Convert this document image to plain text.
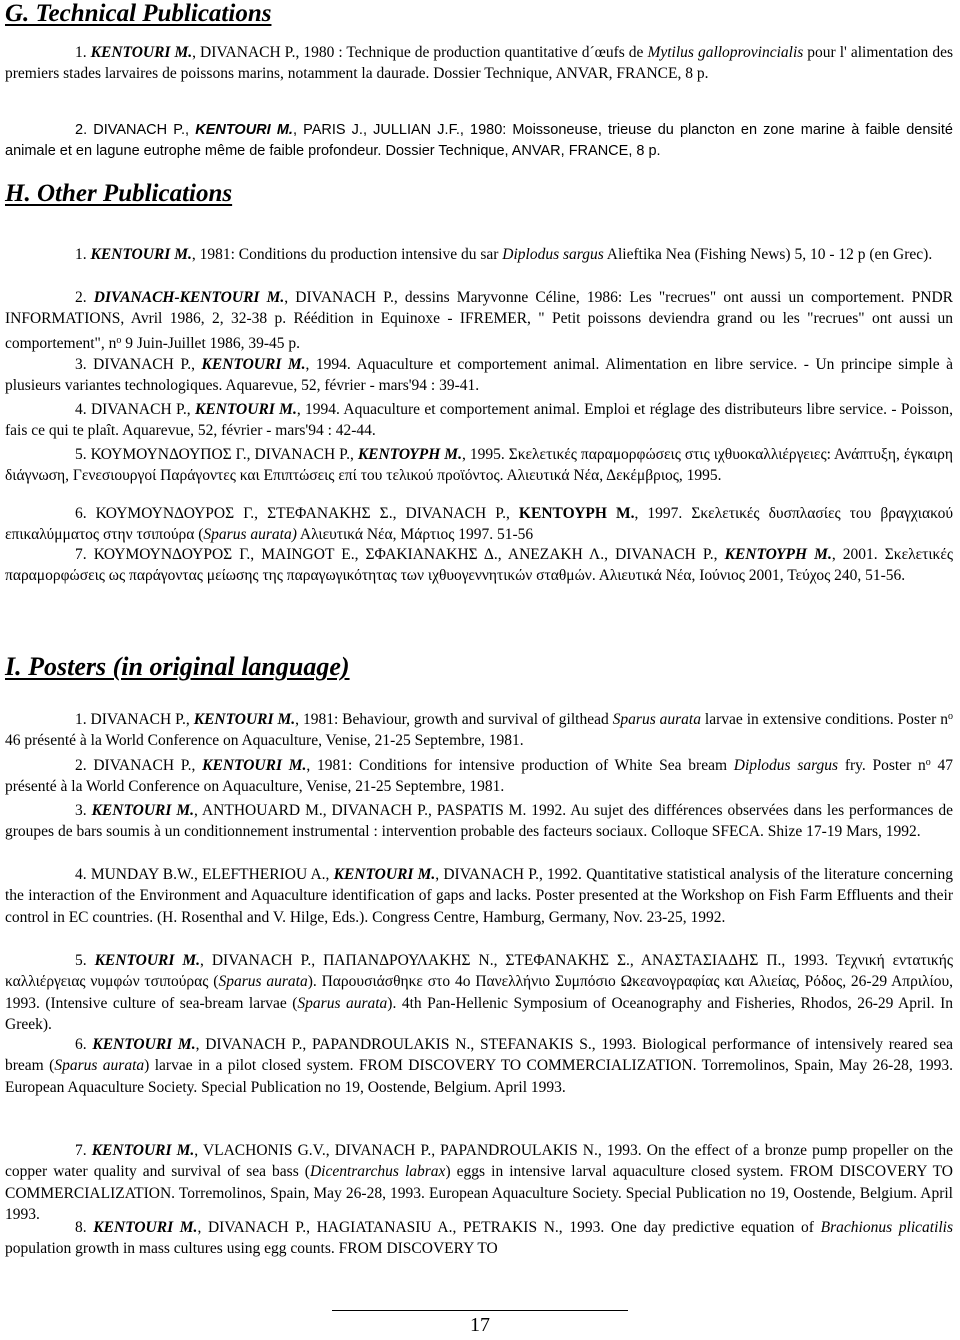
G. Technical Publications
H. Other Publications
I. Posters (in original language)

1. KENTOURI M., DIVANACH P., 1980 : Technique de production quantitative d´œufs de Mytilus galloprovincialis pour l' alimentation des premiers stades larvaires de poissons marins, notamment la daurade. Dossier Technique, ANVAR, FRANCE, 8 p.

2. DIVANACH P., KENTOURI M., PARIS J., JULLIAN J.F., 1980: Moissoneuse, trieuse du plancton en zone marine à faible densité animale et en lagune eutrophe même de faible profondeur. Dossier Technique, ANVAR, FRANCE, 8 p.

1. KENTOURI M., 1981: Conditions du production intensive du sar Diplodus sargus Alieftika Nea (Fishing News) 5, 10 - 12 p (en Grec).

2. DIVANACH-KENTOURI M., DIVANACH P., dessins Maryvonne Céline, 1986: Les "recrues" ont aussi un comportement. PNDR INFORMATIONS, Avril 1986, 2, 32-38 p. Réédition in Equinoxe - IFREMER, " Petit poissons deviendra grand ou les "recrues" ont aussi un comportement", $n^o$ 9 Juin-Juillet 1986, 39-45 p.

3. DIVANACH P., KENTOURI M., 1994. Aquaculture et comportement animal. Alimentation en libre service. - Un principe simple à plusieurs variantes technologiques. Aquarevue, 52, février - mars'94 : 39-41.

4. DIVANACH P., KENTOURI M., 1994. Aquaculture et comportement animal. Emploi et réglage des distributeurs libre service. - Poisson, fais ce qui te plaît. Aquarevue, 52, février - mars'94 : 42-44.

5. ΚΟΥΜΟΥΝΔΟΥΠΟΣ Γ., DIVANACH P., ΚΕΝΤΟΥΡΗ Μ., 1995. Σκελετικές παραμορφώσεις στις ιχθυοκαλλιέργειες: Ανάπτυξη, έγκαιρη διάγνωση, Γενεσιουργοί Παράγοντες και Επιπτώσεις επί του τελικού προϊόντος. Αλιευτικά Νέα, Δεκέμβριος, 1995.

6. ΚΟΥΜΟΥΝΔΟΥΡΟΣ Γ., ΣΤΕΦΑΝΑΚΗΣ Σ., DIVANACH P., ΚΕΝΤΟΥΡΗ Μ., 1997. Σκελετικές δυσπλασίες του βραγχιακού επικαλύμματος στην τσιπούρα (Sparus aurata) Αλιευτικά Νέα, Μάρτιος 1997. 51-56

7. ΚΟΥΜΟΥΝΔΟΥΡΟΣ Γ., ΜΑΙΝGOT Ε., ΣΦΑΚΙΑΝΑΚΗΣ Δ., ΑΝΕΖΑΚΗ Λ., DIVANACH P., ΚΕΝΤΟΥΡΗ Μ., 2001. Σκελετικές παραμορφώσεις ως παράγοντας μείωσης της παραγωγικότητας των ιχθυογεννητικών σταθμών. Αλιευτικά Νέα, Ιούνιος 2001, Τεύχος 240, 51-56.

1. DIVANACH P., KENTOURI M., 1981: Behaviour, growth and survival of gilthead Sparus aurata larvae in extensive conditions. Poster $n^o$ 46 présenté à la World Conference on Aquaculture, Venise, 21-25 Septembre, 1981.

2. DIVANACH P., KENTOURI M., 1981: Conditions for intensive production of White Sea bream Diplodus sargus fry. Poster $n^o$ 47 présenté à la World Conference on Aquaculture, Venise, 21-25 Septembre, 1981.

3. KENTOURI M., ANTHOUARD M., DIVANACH P., PASPATIS M. 1992. Au sujet des différences observées dans les performances de groupes de bars soumis à un conditionnement instrumental : intervention probable des facteurs sociaux. Colloque SFECA. Shize 17-19 Mars, 1992.

4. MUNDAY B.W., ELEFTHERIOU A., KENTOURI M., DIVANACH P., 1992. Quantitative statistical analysis of the literature concerning the interaction of the Environment and Aquaculture identification of gaps and lacks. Poster presented at the Workshop on Fish Farm Effluents and their control in EC countries. (H. Rosenthal and V. Hilge, Eds.). Congress Centre, Hamburg, Germany, Nov. 23-25, 1992.

5. KENTOURI M., DIVANACH P., ΠΑΠΑΝΔΡΟΥΛΑΚΗΣ Ν., ΣΤΕΦΑΝΑΚΗΣ Σ., ΑΝΑΣΤΑΣΙΑΔΗΣ Π., 1993. Τεχνική εντατικής καλλιέργειας νυμφών τσιπούρας (Sparus aurata). Παρουσιάσθηκε στο 4ο Πανελλήνιο Συμπόσιο Ωκεανογραφίας και Αλιείας, Ρόδος, 26-29 Απριλίου, 1993. (Intensive culture of sea-bream larvae (Sparus aurata). 4th Pan-Hellenic Symposium of Oceanography and Fisheries, Rhodos, 26-29 April. In Greek).

6. KENTOURI M., DIVANACH P., PAPANDROULAKIS N., STEFANAKIS S., 1993. Biological performance of intensively reared sea bream (Sparus aurata) larvae in a pilot closed system. FROM DISCOVERY TO COMMERCIALIZATION. Torremolinos, Spain, May 26-28, 1993. European Aquaculture Society. Special Publication no 19, Oostende, Belgium. April 1993.

7. KENTOURI M., VLACHONIS G.V., DIVANACH P., PAPANDROULAKIS N., 1993. On the effect of a bronze pump propeller on the copper water quality and survival of sea bass (Dicentrarchus labrax) eggs in intensive larval aquaculture closed system. FROM DISCOVERY TO COMMERCIALIZATION. Torremolinos, Spain, May 26-28, 1993. European Aquaculture Society. Special Publication no 19, Oostende, Belgium. April 1993.

8. KENTOURI M., DIVANACH P., HAGIATANASIU A., PETRAKIS N., 1993. One day predictive equation of Brachionus plicatilis population growth in mass cultures using egg counts. FROM DISCOVERY TO

17
